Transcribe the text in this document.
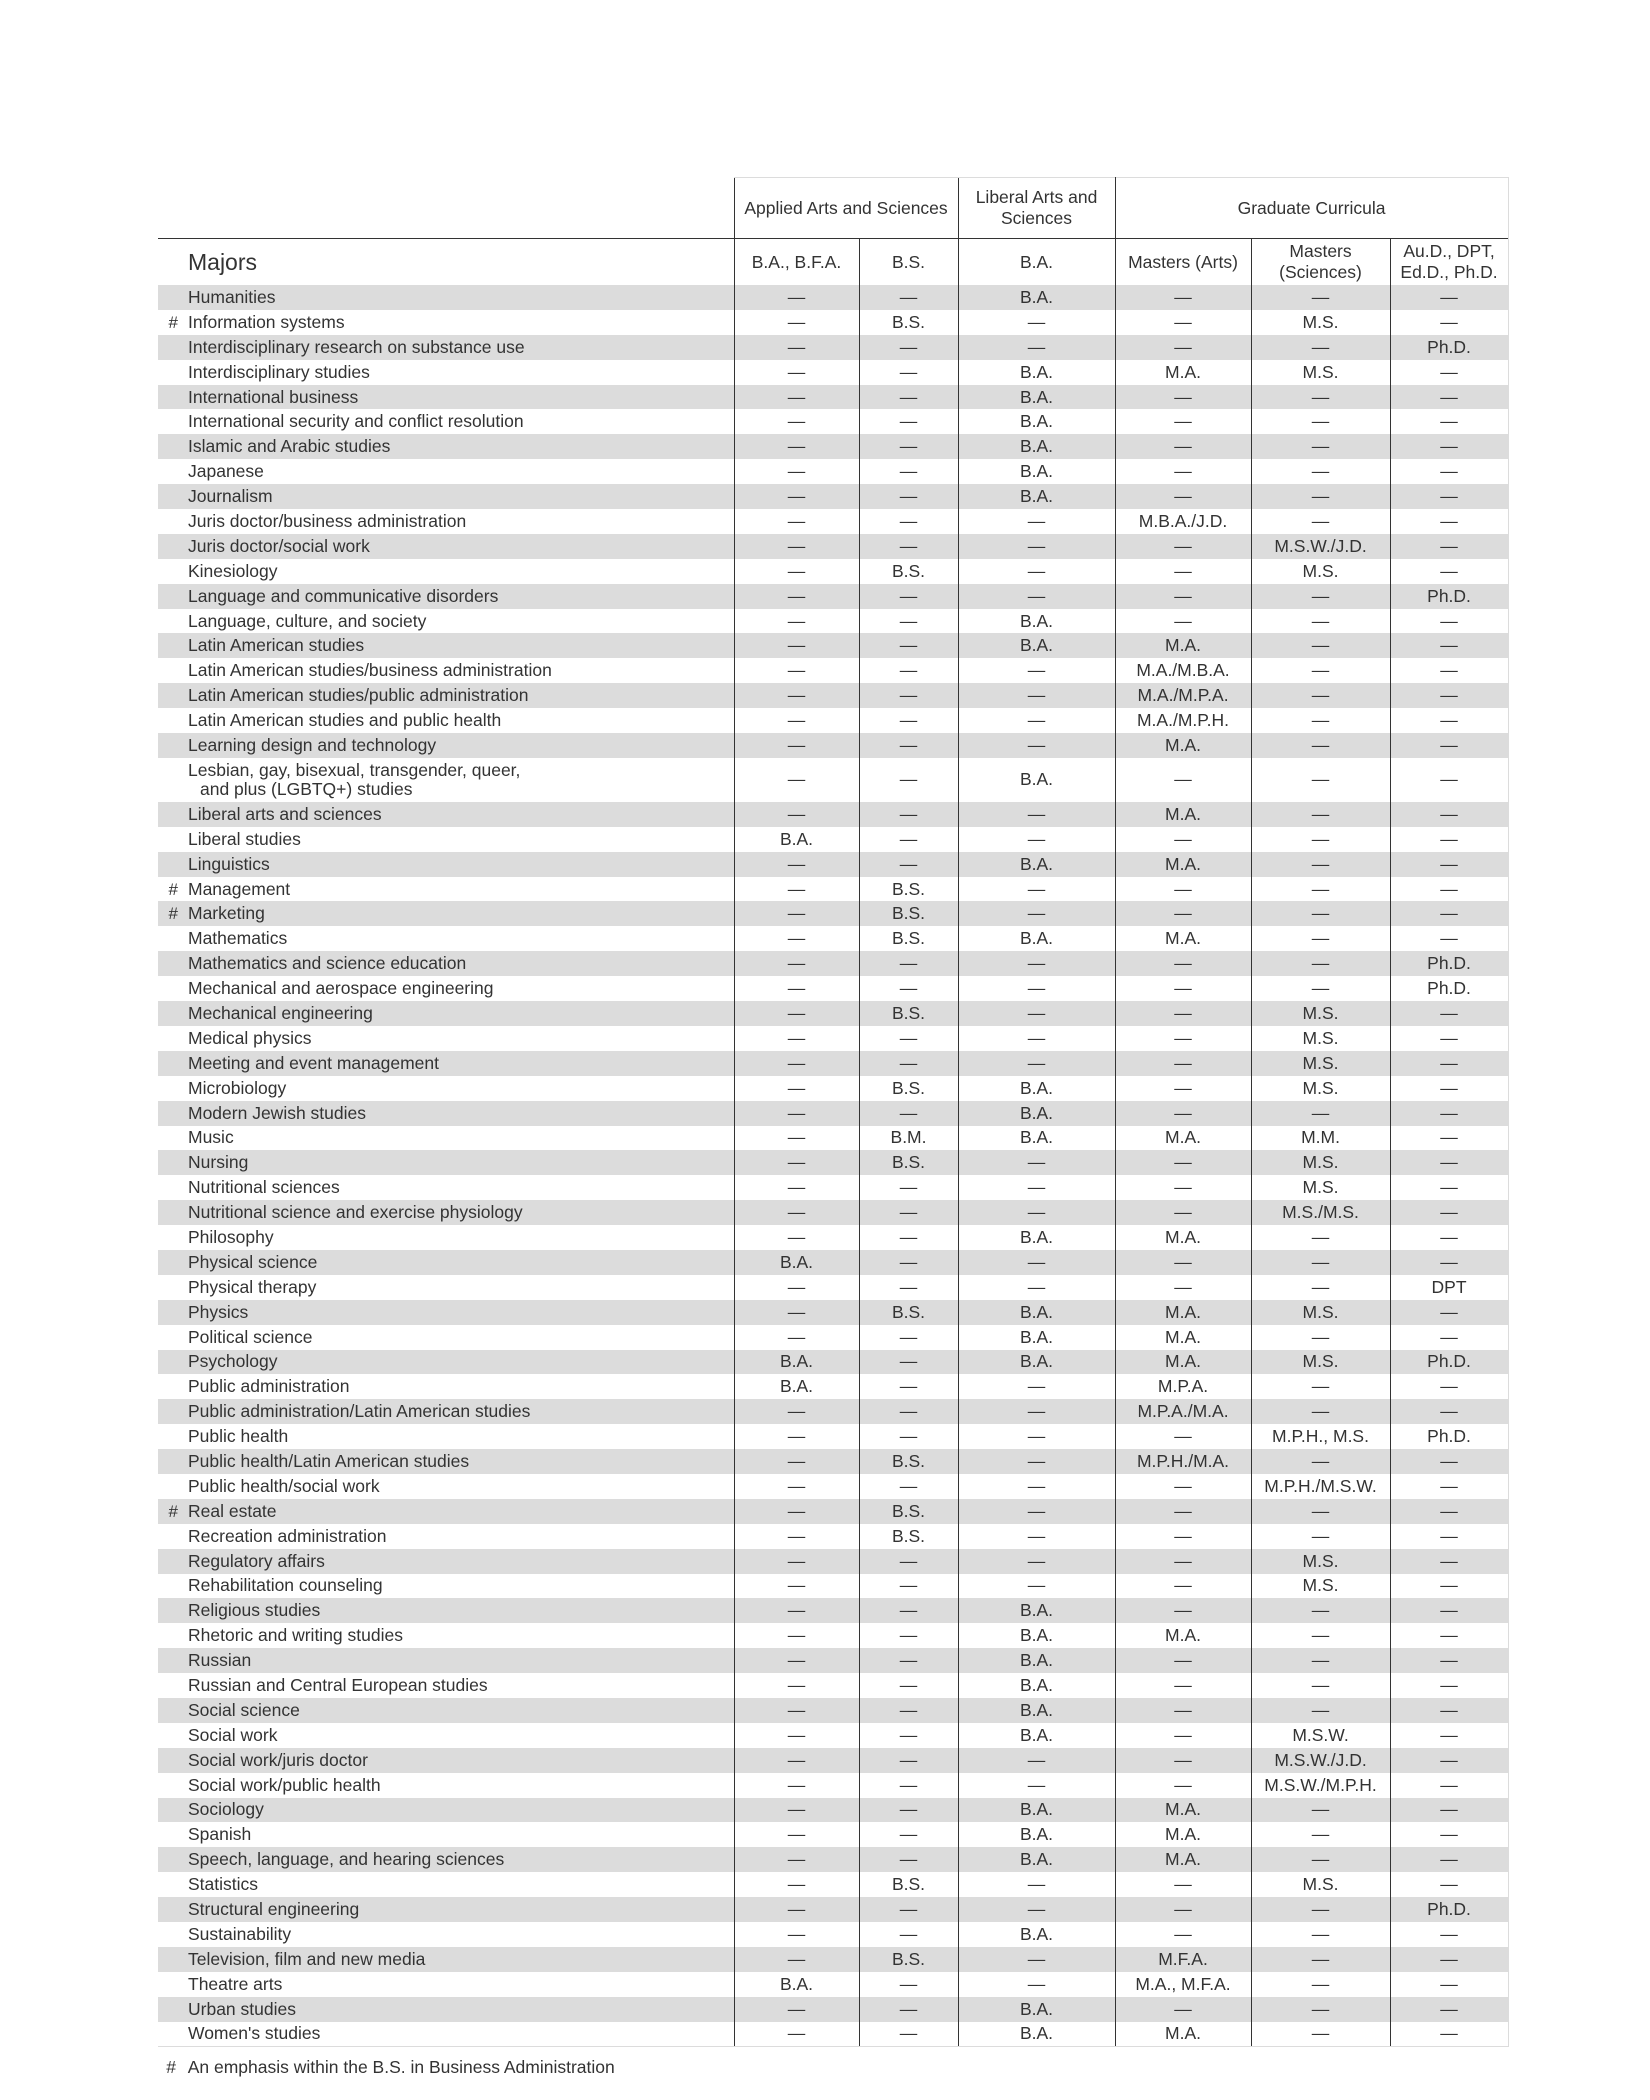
		Applied Arts and Sciences		Liberal Arts and Sciences	Graduate Curricula		
	Majors	B.A., B.F.A.	B.S.	B.A.	Masters (Arts)	Masters (Sciences)	Au.D., DPT, Ed.D., Ph.D.
	Humanities	—	—	B.A.	—	—	—
#	Information systems	—	B.S.	—	—	M.S.	—
	Interdisciplinary research on substance use	—	—	—	—	—	Ph.D.
	Interdisciplinary studies	—	—	B.A.	M.A.	M.S.	—
	International business	—	—	B.A.	—	—	—
	International security and conflict resolution	—	—	B.A.	—	—	—
	Islamic and Arabic studies	—	—	B.A.	—	—	—
	Japanese	—	—	B.A.	—	—	—
	Journalism	—	—	B.A.	—	—	—
	Juris doctor/business administration	—	—	—	M.B.A./J.D.	—	—
	Juris doctor/social work	—	—	—	—	M.S.W./J.D.	—
	Kinesiology	—	B.S.	—	—	M.S.	—
	Language and communicative disorders	—	—	—	—	—	Ph.D.
	Language, culture, and society	—	—	B.A.	—	—	—
	Latin American studies	—	—	B.A.	M.A.	—	—
	Latin American studies/business administration	—	—	—	M.A./M.B.A.	—	—
	Latin American studies/public administration	—	—	—	M.A./M.P.A.	—	—
	Latin American studies and public health	—	—	—	M.A./M.P.H.	—	—
	Learning design and technology	—	—	—	M.A.	—	—

	Lesbian, gay, bisexual, transgender, queer,
and plus (LGBTQ+) studies	—	—	B.A.	—	—	—
	Liberal arts and sciences	—	—	—	M.A.	—	—
	Liberal studies	B.A.	—	—	—	—	—
	Linguistics	—	—	B.A.	M.A.	—	—
#	Management	—	B.S.	—	—	—	—
#	Marketing	—	B.S.	—	—	—	—
	Mathematics	—	B.S.	B.A.	M.A.	—	—
	Mathematics and science education	—	—	—	—	—	Ph.D.
	Mechanical and aerospace engineering	—	—	—	—	—	Ph.D.
	Mechanical engineering	—	B.S.	—	—	M.S.	—
	Medical physics	—	—	—	—	M.S.	—
	Meeting and event management	—	—	—	—	M.S.	—
	Microbiology	—	B.S.	B.A.	—	M.S.	—
	Modern Jewish studies	—	—	B.A.	—	—	—
	Music	—	B.M.	B.A.	M.A.	M.M.	—
	Nursing	—	B.S.	—	—	M.S.	—
	Nutritional sciences	—	—	—	—	M.S.	—
	Nutritional science and exercise physiology	—	—	—	—	M.S./M.S.	—
	Philosophy	—	—	B.A.	M.A.	—	—
	Physical science	B.A.	—	—	—	—	—
	Physical therapy	—	—	—	—	—	DPT
	Physics	—	B.S.	B.A.	M.A.	M.S.	—
	Political science	—	—	B.A.	M.A.	—	—
	Psychology	B.A.	—	B.A.	M.A.	M.S.	Ph.D.
	Public administration	B.A.	—	—	M.P.A.	—	—
	Public administration/Latin American studies	—	—	—	M.P.A./M.A.	—	—
	Public health	—	—	—	—	M.P.H., M.S.	Ph.D.
	Public health/Latin American studies	—	B.S.	—	M.P.H./M.A.	—	—
	Public health/social work	—	—	—	—	M.P.H./M.S.W.	—
#	Real estate	—	B.S.	—	—	—	—
	Recreation administration	—	B.S.	—	—	—	—
	Regulatory affairs	—	—	—	—	M.S.	—
	Rehabilitation counseling	—	—	—	—	M.S.	—
	Religious studies	—	—	B.A.	—	—	—
	Rhetoric and writing studies	—	—	B.A.	M.A.	—	—
	Russian	—	—	B.A.	—	—	—
	Russian and Central European studies	—	—	B.A.	—	—	—
	Social science	—	—	B.A.	—	—	—
	Social work	—	—	B.A.	—	M.S.W.	—
	Social work/juris doctor	—	—	—	—	M.S.W./J.D.	—
	Social work/public health	—	—	—	—	M.S.W./M.P.H.	—
	Sociology	—	—	B.A.	M.A.	—	—
	Spanish	—	—	B.A.	M.A.	—	—
	Speech, language, and hearing sciences	—	—	B.A.	M.A.	—	—
	Statistics	—	B.S.	—	—	M.S.	—
	Structural engineering	—	—	—	—	—	Ph.D.
	Sustainability	—	—	B.A.	—	—	—
	Television, film and new media	—	B.S.	—	M.F.A.	—	—
	Theatre arts	B.A.	—	—	M.A., M.F.A.	—	—
	Urban studies	—	—	B.A.	—	—	—
	Women's studies	—	—	B.A.	M.A.	—	—
# An emphasis within the B.S. in Business Administration
